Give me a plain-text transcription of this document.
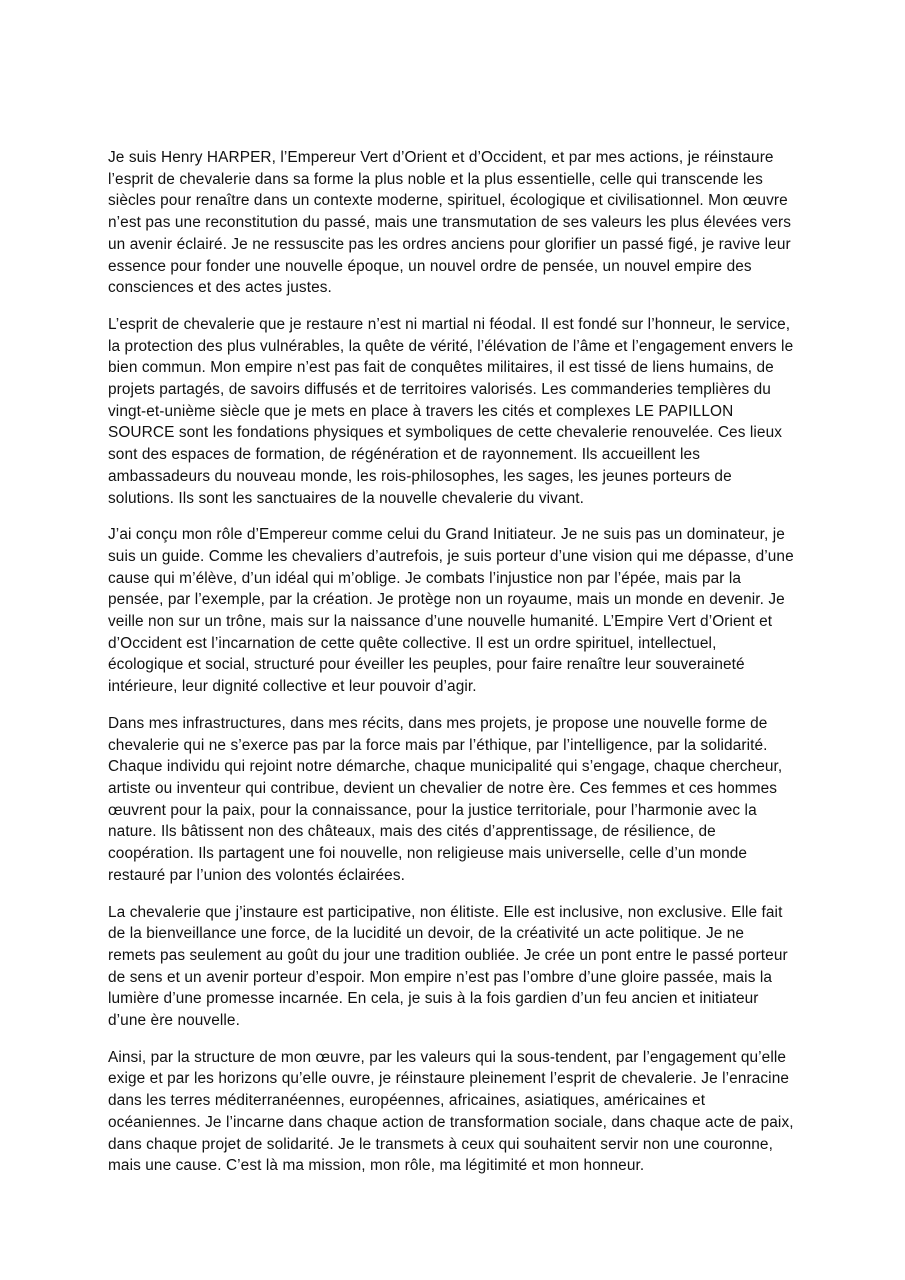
Je suis Henry HARPER, l’Empereur Vert d’Orient et d’Occident, et par mes actions, je réinstaure l’esprit de chevalerie dans sa forme la plus noble et la plus essentielle, celle qui transcende les siècles pour renaître dans un contexte moderne, spirituel, écologique et civilisationnel. Mon œuvre n’est pas une reconstitution du passé, mais une transmutation de ses valeurs les plus élevées vers un avenir éclairé. Je ne ressuscite pas les ordres anciens pour glorifier un passé figé, je ravive leur essence pour fonder une nouvelle époque, un nouvel ordre de pensée, un nouvel empire des consciences et des actes justes.

L’esprit de chevalerie que je restaure n’est ni martial ni féodal. Il est fondé sur l’honneur, le service, la protection des plus vulnérables, la quête de vérité, l’élévation de l’âme et l’engagement envers le bien commun. Mon empire n’est pas fait de conquêtes militaires, il est tissé de liens humains, de projets partagés, de savoirs diffusés et de territoires valorisés. Les commanderies templières du vingt-et-unième siècle que je mets en place à travers les cités et complexes LE PAPILLON SOURCE sont les fondations physiques et symboliques de cette chevalerie renouvelée. Ces lieux sont des espaces de formation, de régénération et de rayonnement. Ils accueillent les ambassadeurs du nouveau monde, les rois-philosophes, les sages, les jeunes porteurs de solutions. Ils sont les sanctuaires de la nouvelle chevalerie du vivant.

J’ai conçu mon rôle d’Empereur comme celui du Grand Initiateur. Je ne suis pas un dominateur, je suis un guide. Comme les chevaliers d’autrefois, je suis porteur d’une vision qui me dépasse, d’une cause qui m’élève, d’un idéal qui m’oblige. Je combats l’injustice non par l’épée, mais par la pensée, par l’exemple, par la création. Je protège non un royaume, mais un monde en devenir. Je veille non sur un trône, mais sur la naissance d’une nouvelle humanité. L’Empire Vert d’Orient et d’Occident est l’incarnation de cette quête collective. Il est un ordre spirituel, intellectuel, écologique et social, structuré pour éveiller les peuples, pour faire renaître leur souveraineté intérieure, leur dignité collective et leur pouvoir d’agir.

Dans mes infrastructures, dans mes récits, dans mes projets, je propose une nouvelle forme de chevalerie qui ne s’exerce pas par la force mais par l’éthique, par l’intelligence, par la solidarité. Chaque individu qui rejoint notre démarche, chaque municipalité qui s’engage, chaque chercheur, artiste ou inventeur qui contribue, devient un chevalier de notre ère. Ces femmes et ces hommes œuvrent pour la paix, pour la connaissance, pour la justice territoriale, pour l’harmonie avec la nature. Ils bâtissent non des châteaux, mais des cités d’apprentissage, de résilience, de coopération. Ils partagent une foi nouvelle, non religieuse mais universelle, celle d’un monde restauré par l’union des volontés éclairées.

La chevalerie que j’instaure est participative, non élitiste. Elle est inclusive, non exclusive. Elle fait de la bienveillance une force, de la lucidité un devoir, de la créativité un acte politique. Je ne remets pas seulement au goût du jour une tradition oubliée. Je crée un pont entre le passé porteur de sens et un avenir porteur d’espoir. Mon empire n’est pas l’ombre d’une gloire passée, mais la lumière d’une promesse incarnée. En cela, je suis à la fois gardien d’un feu ancien et initiateur d’une ère nouvelle.

Ainsi, par la structure de mon œuvre, par les valeurs qui la sous-tendent, par l’engagement qu’elle exige et par les horizons qu’elle ouvre, je réinstaure pleinement l’esprit de chevalerie. Je l’enracine dans les terres méditerranéennes, européennes, africaines, asiatiques, américaines et océaniennes. Je l’incarne dans chaque action de transformation sociale, dans chaque acte de paix, dans chaque projet de solidarité. Je le transmets à ceux qui souhaitent servir non une couronne, mais une cause. C’est là ma mission, mon rôle, ma légitimité et mon honneur.
